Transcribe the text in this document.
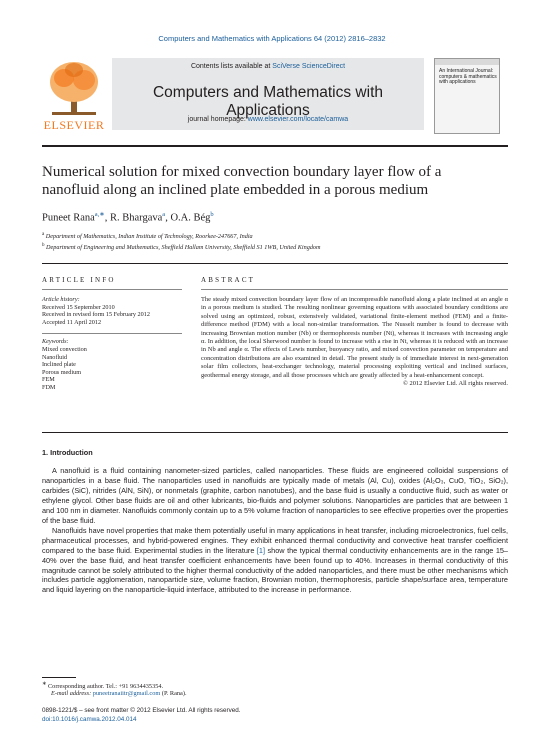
Computers and Mathematics with Applications 64 (2012) 2816–2832
ELSEVIER
Contents lists available at SciVerse ScienceDirect
Computers and Mathematics with Applications
journal homepage: www.elsevier.com/locate/camwa
An International Journal: computers & mathematics with applications
Numerical solution for mixed convection boundary layer flow of a nanofluid along an inclined plate embedded in a porous medium
Puneet Rana$^{a,∗}$, R. Bhargava$^a$, O.A. Bég$^b$
$^a$ Department of Mathematics, Indian Institute of Technology, Roorkee-247667, India
$^b$ Department of Engineering and Mathematics, Sheffield Hallam University, Sheffield S1 1WB, United Kingdom
ARTICLE INFO	ABSTRACT
Article history:
Received 15 September 2010
Received in revised form 15 February 2012
Accepted 11 April 2012
Keywords:
Mixed convection
Nanofluid
Inclined plate
Porous medium
FEM
FDM
The steady mixed convection boundary layer flow of an incompressible nanofluid along a plate inclined at an angle α in a porous medium is studied. The resulting nonlinear governing equations with associated boundary conditions are solved using an optimized, robust, extensively validated, variational finite-element method (FEM) and a finite-difference method (FDM) with a local non-similar transformation. The Nusselt number is found to decrease with increasing Brownian motion number (Nb) or thermophoresis number (Nt), whereas it increases with increasing angle α. In addition, the local Sherwood number is found to increase with a rise in Nt, whereas it is reduced with an increase in Nb and angle α. The effects of Lewis number, buoyancy ratio, and mixed convection parameter on temperature and concentration distributions are also examined in detail. The present study is of immediate interest in next-generation solar film collectors, heat-exchanger technology, material processing exploiting vertical and inclined surfaces, geothermal energy storage, and all those processes which are greatly affected by a heat-enhancement concept.
© 2012 Elsevier Ltd. All rights reserved.
1. Introduction

A nanofluid is a fluid containing nanometer-sized particles, called nanoparticles. These fluids are engineered colloidal suspensions of nanoparticles in a base fluid. The nanoparticles used in nanofluids are typically made of metals (Al, Cu), oxides (Al₂O₃, CuO, TiO₂, SiO₂), carbides (SiC), nitrides (AlN, SiN), or nonmetals (graphite, carbon nanotubes), and the base fluid is usually a conductive fluid, such as water or ethylene glycol. Other base fluids are oil and other lubricants, bio-fluids and polymer solutions. Nanoparticles are particles that are between 1 and 100 nm in diameter. Nanofluids commonly contain up to a 5% volume fraction of nanoparticles to see effective properties over the properties of the base fluid.

Nanofluids have novel properties that make them potentially useful in many applications in heat transfer, including microelectronics, fuel cells, pharmaceutical processes, and hybrid-powered engines. They exhibit enhanced thermal conductivity and convective heat transfer coefficient compared to the base fluid. Experimental studies in the literature [1] show the typical thermal conductivity enhancements are in the range 15–40% over the base fluid, and heat transfer coefficient enhancements have been found up to 40%. Increases in thermal conductivity of this magnitude cannot be solely attributed to the higher thermal conductivity of the added nanoparticles, and there must be other mechanisms which includes particle agglomeration, nanoparticle size, volume fraction, Brownian motion, thermophoresis, particle shape/surface area, temperature and liquid layering on the nanoparticle-liquid interface, attributed to the increase in performance.

∗ Corresponding author. Tel.: +91 9634435354.
E-mail address: puneetranaiitr@gmail.com (P. Rana).
0898-1221/$ – see front matter © 2012 Elsevier Ltd. All rights reserved.
doi:10.1016/j.camwa.2012.04.014
